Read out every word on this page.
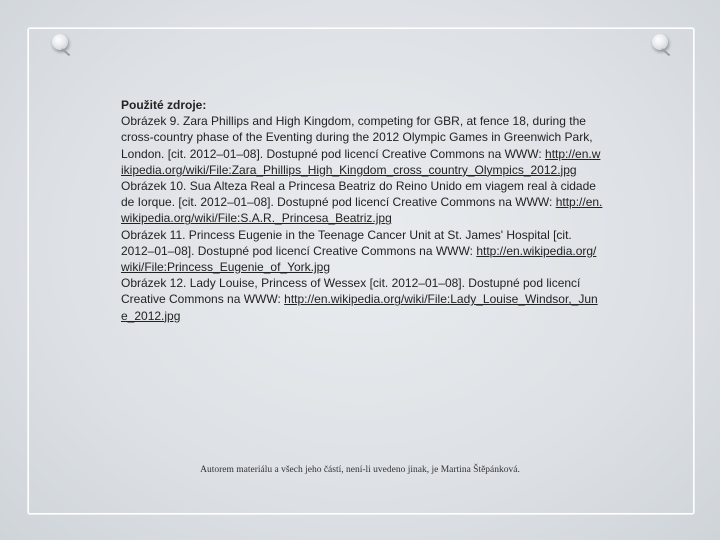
Použité zdroje:
Obrázek 9. Zara Phillips and High Kingdom, competing for GBR, at fence 18, during the cross-country phase of the Eventing during the 2012 Olympic Games in Greenwich Park, London. [cit. 2012–01–08]. Dostupné pod licencí Creative Commons na WWW: http://en.wikipedia.org/wiki/File:Zara_Phillips_High_Kingdom_cross_country_Olympics_2012.jpg
Obrázek 10. Sua Alteza Real a Princesa Beatriz do Reino Unido em viagem real à cidade de Iorque. [cit. 2012–01–08]. Dostupné pod licencí Creative Commons na WWW: http://en.wikipedia.org/wiki/File:S.A.R._Princesa_Beatriz.jpg
Obrázek 11. Princess Eugenie in the Teenage Cancer Unit at St. James' Hospital [cit. 2012–01–08]. Dostupné pod licencí Creative Commons na WWW: http://en.wikipedia.org/wiki/File:Princess_Eugenie_of_York.jpg
Obrázek 12. Lady Louise, Princess of Wessex [cit. 2012–01–08]. Dostupné pod licencí Creative Commons na WWW: http://en.wikipedia.org/wiki/File:Lady_Louise_Windsor,_June_2012.jpg
Autorem materiálu a všech jeho částí, není-li uvedeno jinak, je Martina Štěpánková.
